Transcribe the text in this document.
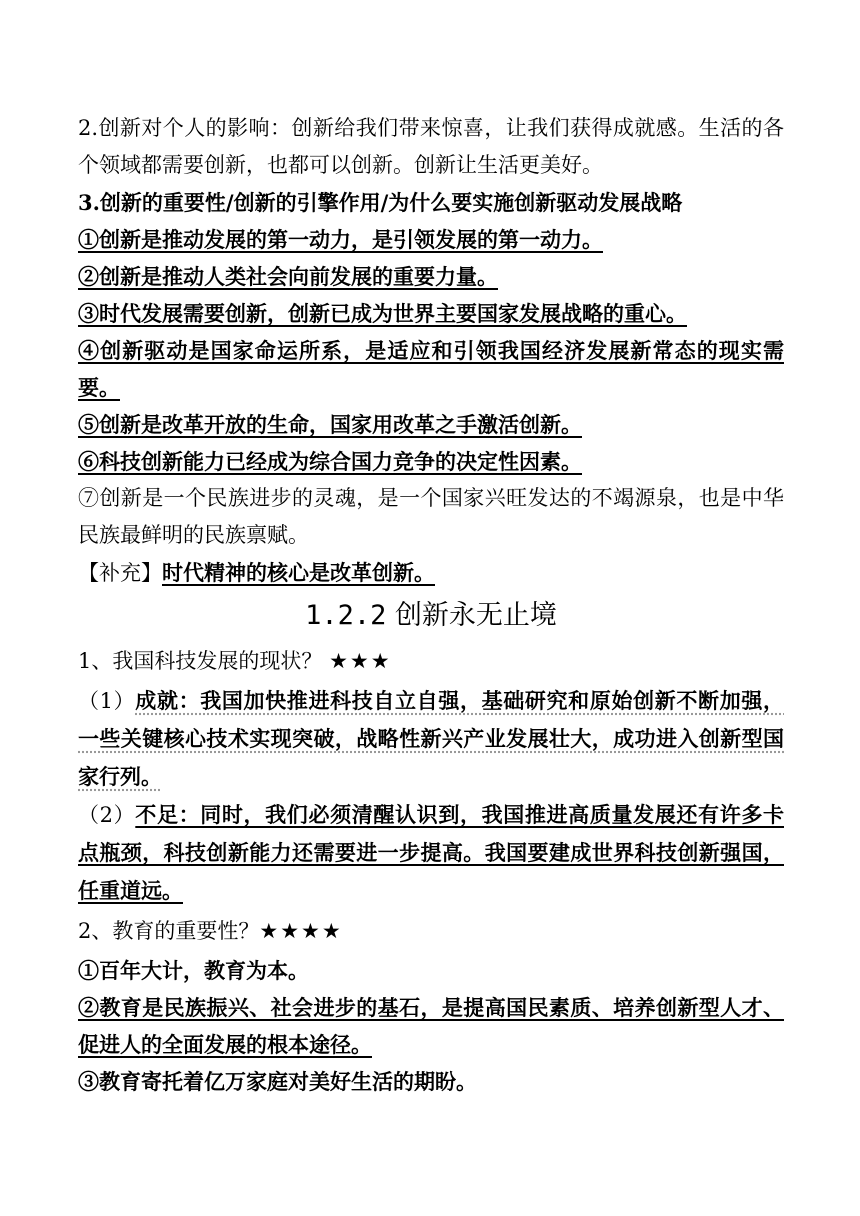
2.创新对个人的影响：创新给我们带来惊喜，让我们获得成就感。生活的各个领域都需要创新，也都可以创新。创新让生活更美好。

3.创新的重要性/创新的引擎作用/为什么要实施创新驱动发展战略

①创新是推动发展的第一动力，是引领发展的第一动力。

②创新是推动人类社会向前发展的重要力量。

③时代发展需要创新，创新已成为世界主要国家发展战略的重心。

④创新驱动是国家命运所系，是适应和引领我国经济发展新常态的现实需要。

⑤创新是改革开放的生命，国家用改革之手激活创新。

⑥科技创新能力已经成为综合国力竞争的决定性因素。

⑦创新是一个民族进步的灵魂，是一个国家兴旺发达的不竭源泉，也是中华民族最鲜明的民族禀赋。

【补充】时代精神的核心是改革创新。

1.2.2 创新永无止境

1、我国科技发展的现状？ ★★★

（1）成就：我国加快推进科技自立自强，基础研究和原始创新不断加强，一些关键核心技术实现突破，战略性新兴产业发展壮大，成功进入创新型国家行列。

（2）不足：同时，我们必须清醒认识到，我国推进高质量发展还有许多卡点瓶颈，科技创新能力还需要进一步提高。我国要建成世界科技创新强国，任重道远。

2、教育的重要性？★★★★

①百年大计，教育为本。

②教育是民族振兴、社会进步的基石，是提高国民素质、培养创新型人才、促进人的全面发展的根本途径。

③教育寄托着亿万家庭对美好生活的期盼。
